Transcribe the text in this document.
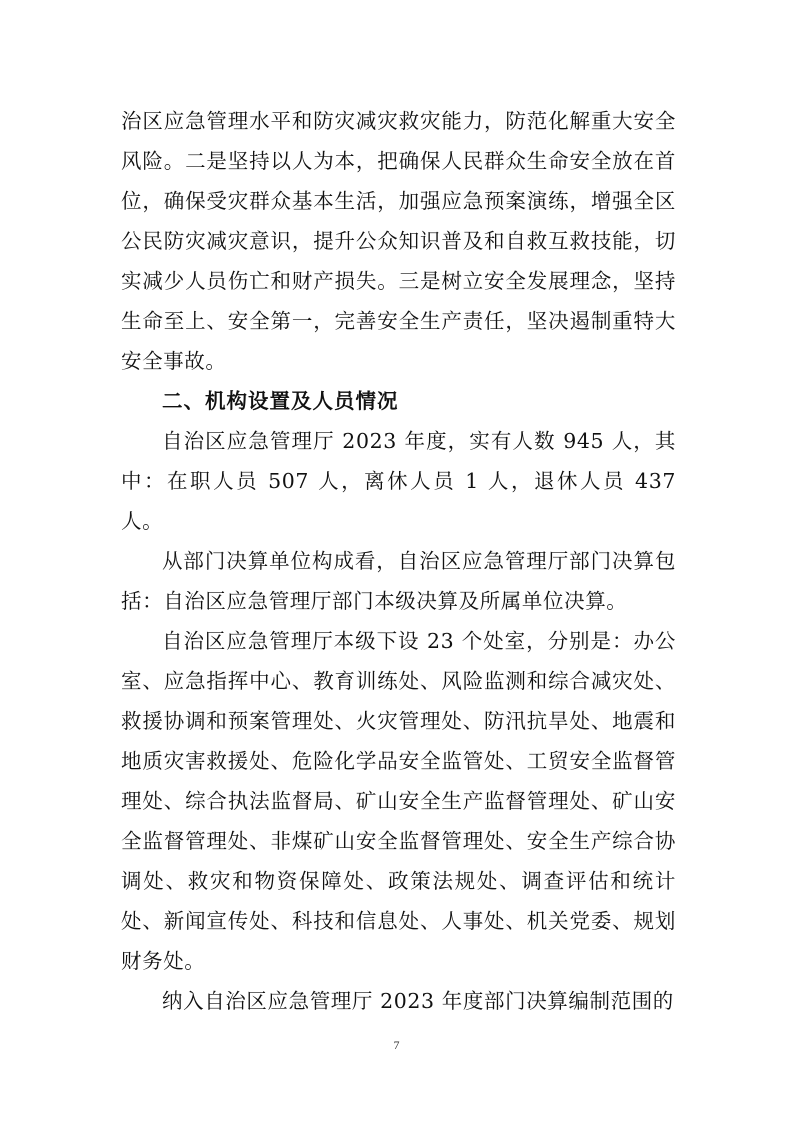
治区应急管理水平和防灾减灾救灾能力，防范化解重大安全风险。二是坚持以人为本，把确保人民群众生命安全放在首位，确保受灾群众基本生活，加强应急预案演练，增强全区公民防灾减灾意识，提升公众知识普及和自救互救技能，切实减少人员伤亡和财产损失。三是树立安全发展理念，坚持生命至上、安全第一，完善安全生产责任，坚决遏制重特大安全事故。

二、机构设置及人员情况

自治区应急管理厅 2023 年度，实有人数 945 人，其中：在职人员 507 人，离休人员 1 人，退休人员 437 人。

从部门决算单位构成看，自治区应急管理厅部门决算包括：自治区应急管理厅部门本级决算及所属单位决算。

自治区应急管理厅本级下设 23 个处室，分别是：办公室、应急指挥中心、教育训练处、风险监测和综合减灾处、救援协调和预案管理处、火灾管理处、防汛抗旱处、地震和地质灾害救援处、危险化学品安全监管处、工贸安全监督管理处、综合执法监督局、矿山安全生产监督管理处、矿山安全监督管理处、非煤矿山安全监督管理处、安全生产综合协调处、救灾和物资保障处、政策法规处、调查评估和统计处、新闻宣传处、科技和信息处、人事处、机关党委、规划财务处。

纳入自治区应急管理厅 2023 年度部门决算编制范围的

7
